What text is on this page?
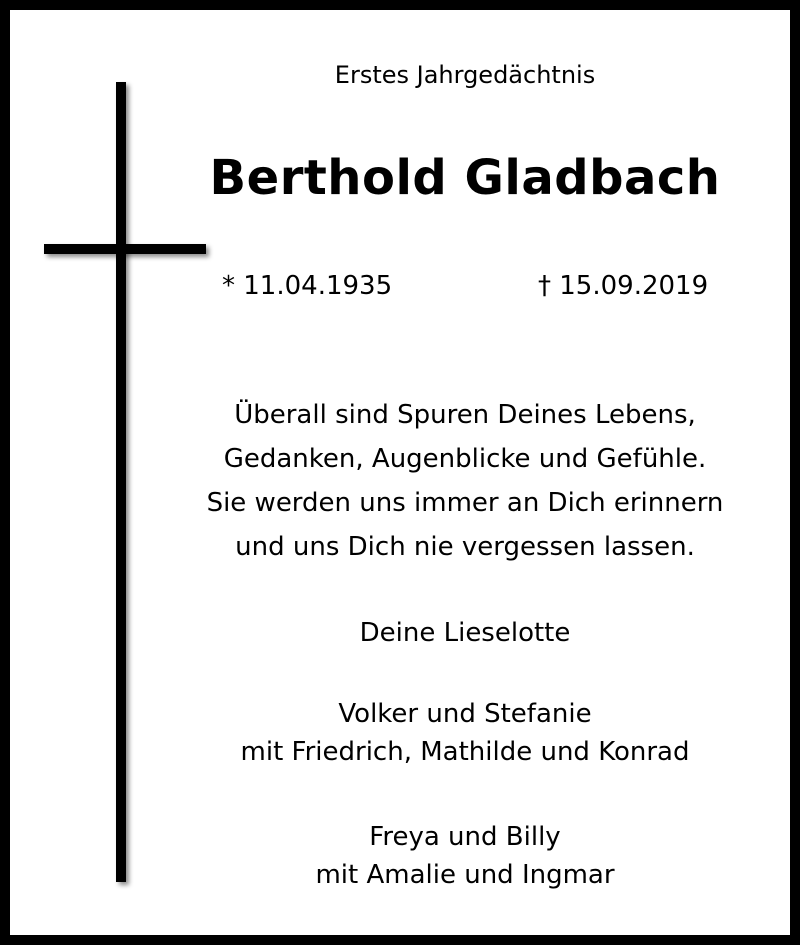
Erstes Jahrgedächtnis
Berthold Gladbach
* 11.04.1935	† 15.09.2019
Überall sind Spuren Deines Lebens,
Gedanken, Augenblicke und Gefühle.
Sie werden uns immer an Dich erinnern
und uns Dich nie vergessen lassen.
Deine Lieselotte
Volker und Stefanie
mit Friedrich, Mathilde und Konrad
Freya und Billy
mit Amalie und Ingmar
